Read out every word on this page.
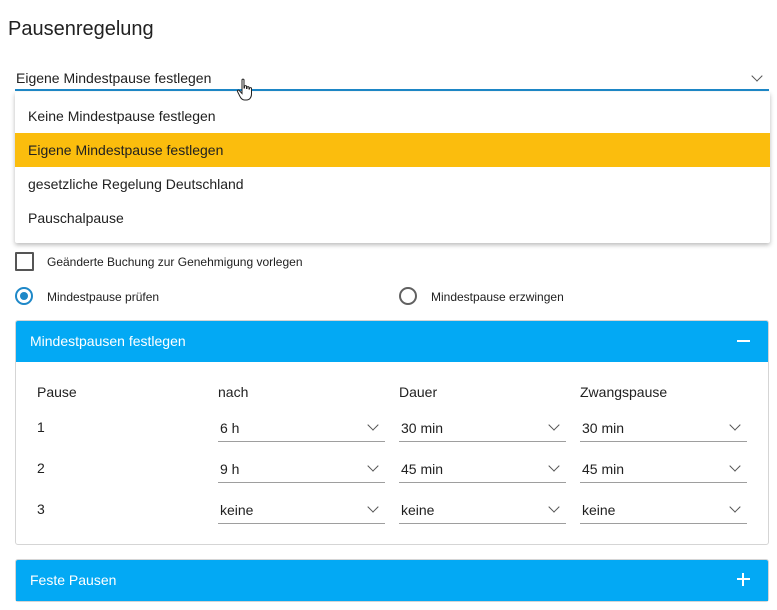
Pausenregelung
Eigene Mindestpause festlegen
Keine Mindestpause festlegen
Eigene Mindestpause festlegen
gesetzliche Regelung Deutschland
Pauschalpause
Geänderte Buchung zur Genehmigung vorlegen
Mindestpause prüfen	Mindestpause erzwingen
Mindestpausen festlegen
Pause	nach	Dauer	Zwangspause
1	6 h	30 min	30 min
2	9 h	45 min	45 min
3	keine	keine	keine
Feste Pausen
